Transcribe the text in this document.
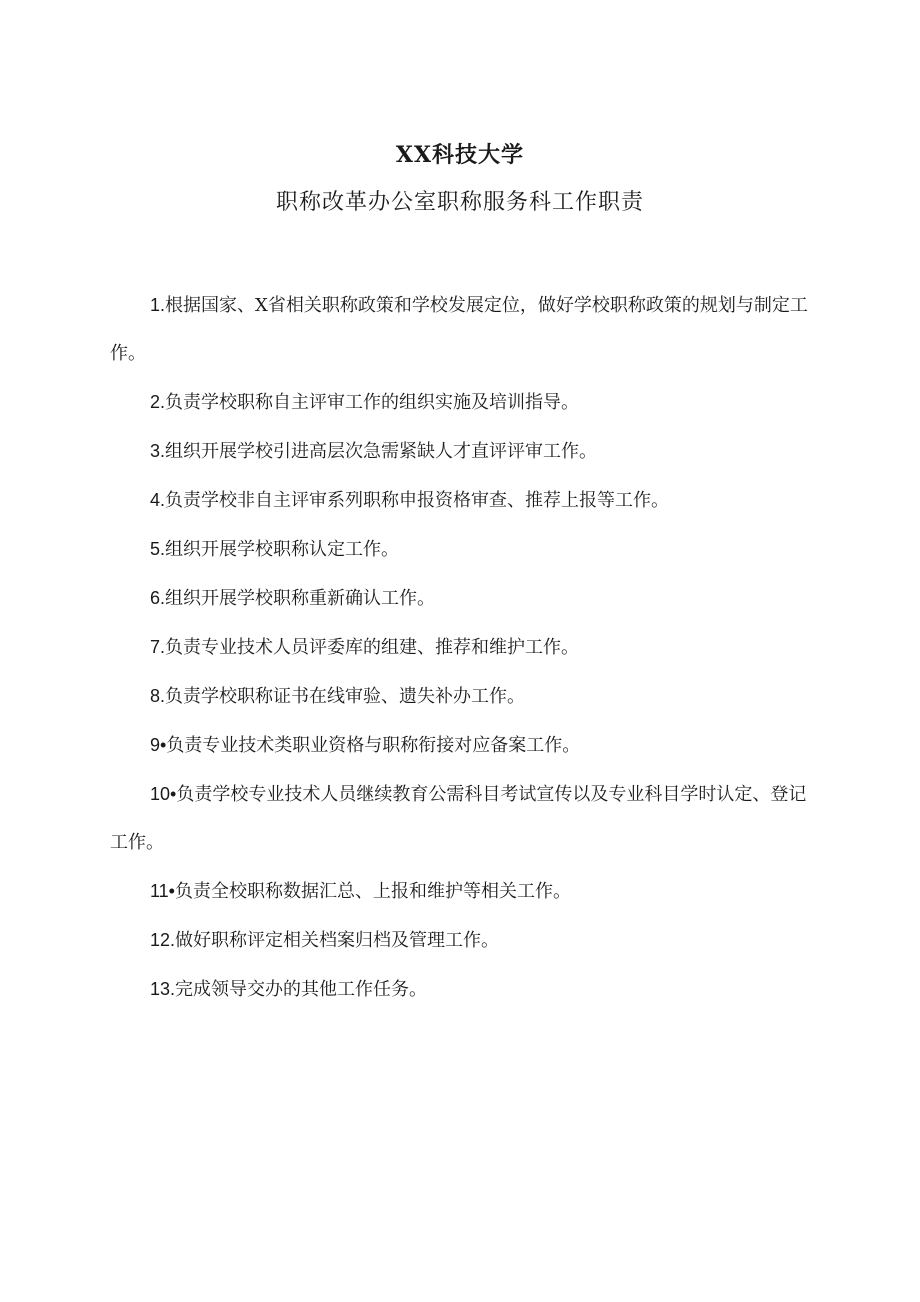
XX科技大学
职称改革办公室职称服务科工作职责

1.根据国家、X省相关职称政策和学校发展定位，做好学校职称政策的规划与制定工作。

2.负责学校职称自主评审工作的组织实施及培训指导。

3.组织开展学校引进高层次急需紧缺人才直评评审工作。

4.负责学校非自主评审系列职称申报资格审查、推荐上报等工作。

5.组织开展学校职称认定工作。

6.组织开展学校职称重新确认工作。

7.负责专业技术人员评委库的组建、推荐和维护工作。

8.负责学校职称证书在线审验、遗失补办工作。

9•负责专业技术类职业资格与职称衔接对应备案工作。

10•负责学校专业技术人员继续教育公需科目考试宣传以及专业科目学时认定、登记工作。

11•负责全校职称数据汇总、上报和维护等相关工作。

12.做好职称评定相关档案归档及管理工作。

13.完成领导交办的其他工作任务。
